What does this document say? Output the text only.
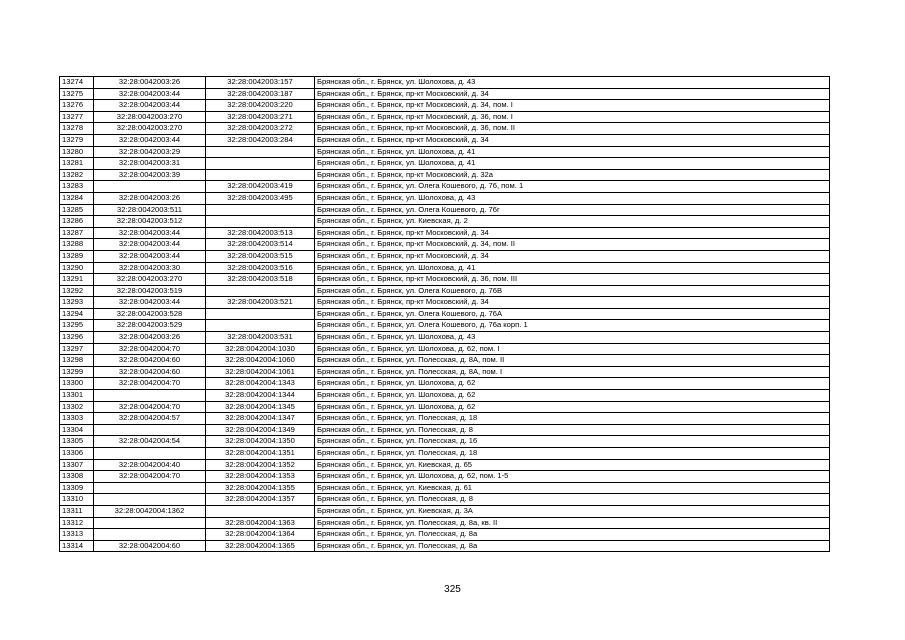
13274	32:28:0042003:26	32:28:0042003:157	Брянская обл., г. Брянск, ул. Шолохова, д. 43
13275	32:28:0042003:44	32:28:0042003:187	Брянская обл., г. Брянск, пр-кт Московский, д. 34
13276	32:28:0042003:44	32:28:0042003:220	Брянская обл., г. Брянск, пр-кт Московский, д. 34, пом. I
13277	32:28:0042003:270	32:28:0042003:271	Брянская обл., г. Брянск, пр-кт Московский, д. 36, пом. I
13278	32:28:0042003:270	32:28:0042003:272	Брянская обл., г. Брянск, пр-кт Московский, д. 36, пом. II
13279	32:28:0042003:44	32:28:0042003:284	Брянская обл., г. Брянск, пр-кт Московский, д. 34
13280	32:28:0042003:29		Брянская обл., г. Брянск, ул. Шолохова, д. 41
13281	32:28:0042003:31		Брянская обл., г. Брянск, ул. Шолохова, д. 41
13282	32:28:0042003:39		Брянская обл., г. Брянск, пр-кт Московский, д. 32а
13283		32:28:0042003:419	Брянская обл., г. Брянск, ул. Олега Кошевого, д. 76, пом. 1
13284	32:28:0042003:26	32:28:0042003:495	Брянская обл., г. Брянск, ул. Шолохова, д. 43
13285	32:28:0042003:511		Брянская обл., г. Брянск, ул. Олега Кошевого, д. 76г
13286	32:28:0042003:512		Брянская обл., г. Брянск, ул. Киевская, д. 2
13287	32:28:0042003:44	32:28:0042003:513	Брянская обл., г. Брянск, пр-кт Московский, д. 34
13288	32:28:0042003:44	32:28:0042003:514	Брянская обл., г. Брянск, пр-кт Московский, д. 34, пом. II
13289	32:28:0042003:44	32:28:0042003:515	Брянская обл., г. Брянск, пр-кт Московский, д. 34
13290	32:28:0042003:30	32:28:0042003:516	Брянская обл., г. Брянск, ул. Шолохова, д. 41
13291	32:28:0042003:270	32:28:0042003:518	Брянская обл., г. Брянск, пр-кт Московский, д. 36, пом. III
13292	32:28:0042003:519		Брянская обл., г. Брянск, ул. Олега Кошевого, д. 76В
13293	32:28:0042003:44	32:28:0042003:521	Брянская обл., г. Брянск, пр-кт Московский, д. 34
13294	32:28:0042003:528		Брянская обл., г. Брянск, ул. Олега Кошевого, д. 76А
13295	32:28:0042003:529		Брянская обл., г. Брянск, ул. Олега Кошевого, д. 76а корп. 1
13296	32:28:0042003:26	32:28:0042003:531	Брянская обл., г. Брянск, ул. Шолохова, д. 43
13297	32:28:0042004:70	32:28:0042004:1030	Брянская обл., г. Брянск, ул. Шолохова, д. 62, пом. I
13298	32:28:0042004:60	32:28:0042004:1060	Брянская обл., г. Брянск, ул. Полесская, д. 8А, пом. II
13299	32:28:0042004:60	32:28:0042004:1061	Брянская обл., г. Брянск, ул. Полесская, д. 8А, пом. I
13300	32:28:0042004:70	32:28:0042004:1343	Брянская обл., г. Брянск, ул. Шолохова, д. 62
13301		32:28:0042004:1344	Брянская обл., г. Брянск, ул. Шолохова, д. 62
13302	32:28:0042004:70	32:28:0042004:1345	Брянская обл., г. Брянск, ул. Шолохова, д. 62
13303	32:28:0042004:57	32:28:0042004:1347	Брянская обл., г. Брянск, ул. Полесская, д. 18
13304		32:28:0042004:1349	Брянская обл., г. Брянск, ул. Полесская, д. 8
13305	32:28:0042004:54	32:28:0042004:1350	Брянская обл., г. Брянск, ул. Полесская, д. 16
13306		32:28:0042004:1351	Брянская обл., г. Брянск, ул. Полесская, д. 18
13307	32:28:0042004:40	32:28:0042004:1352	Брянская обл., г. Брянск, ул. Киевская, д. 65
13308	32:28:0042004:70	32:28:0042004:1353	Брянская обл., г. Брянск, ул. Шолохова, д. 62, пом. 1-5
13309		32:28:0042004:1355	Брянская обл., г. Брянск, ул. Киевская, д. 61
13310		32:28:0042004:1357	Брянская обл., г. Брянск, ул. Полесская, д. 8
13311	32:28:0042004:1362		Брянская обл., г. Брянск, ул. Киевская, д. 3А
13312		32:28:0042004:1363	Брянская обл., г. Брянск, ул. Полесская, д. 8а, кв. II
13313		32:28:0042004:1364	Брянская обл., г. Брянск, ул. Полесская, д. 8а
13314	32:28:0042004:60	32:28:0042004:1365	Брянская обл., г. Брянск, ул. Полесская, д. 8а
325
